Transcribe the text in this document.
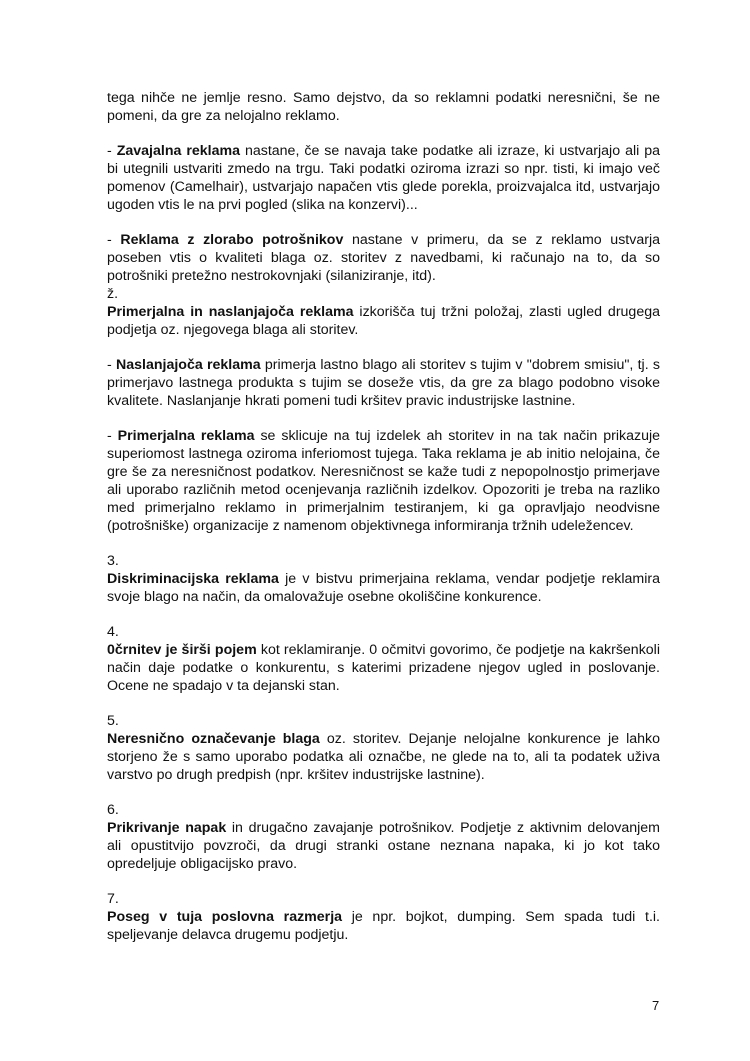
tega nihče ne jemlje resno. Samo dejstvo, da so reklamni podatki neresnični, še ne pomeni, da gre za nelojalno reklamo.

- Zavajalna reklama nastane, če se navaja take podatke ali izraze, ki ustvarjajo ali pa bi utegnili ustvariti zmedo na trgu. Taki podatki oziroma izrazi so npr. tisti, ki imajo več pomenov (Camelhair), ustvarjajo napačen vtis glede porekla, proizvajalca itd, ustvarjajo ugoden vtis le na prvi pogled (slika na konzervi)...

- Reklama z zlorabo potrošnikov nastane v primeru, da se z reklamo ustvarja poseben vtis o kvaliteti blaga oz. storitev z navedbami, ki računajo na to, da so potrošniki pretežno nestrokovnjaki (silaniziranje, itd).

ž.
Primerjalna in naslanjajoča reklama izkorišča tuj tržni položaj, zlasti ugled drugega podjetja oz. njegovega blaga ali storitev.

- Naslanjajoča reklama primerja lastno blago ali storitev s tujim v "dobrem smisiu", tj. s primerjavo lastnega produkta s tujim se doseže vtis, da gre za blago podobno visoke kvalitete. Naslanjanje hkrati pomeni tudi kršitev pravic industrijske lastnine.

- Primerjalna reklama se sklicuje na tuj izdelek ah storitev in na tak način prikazuje superiomost lastnega oziroma inferiomost tujega. Taka reklama je ab initio nelojaina, če gre še za neresničnost podatkov. Neresničnost se kaže tudi z nepopolnostjo primerjave ali uporabo različnih metod ocenjevanja različnih izdelkov. Opozoriti je treba na razliko med primerjalno reklamo in primerjalnim testiranjem, ki ga opravljajo neodvisne (potrošniške) organizacije z namenom objektivnega informiranja tržnih udeležencev.

3.
Diskriminacijska reklama je v bistvu primerjaina reklama, vendar podjetje reklamira svoje blago na način, da omalovažuje osebne okoliščine konkurence.

4.
0črnitev je širši pojem kot reklamiranje. 0 očmitvi govorimo, če podjetje na kakršenkoli način daje podatke o konkurentu, s katerimi prizadene njegov ugled in poslovanje. Ocene ne spadajo v ta dejanski stan.

5.
Neresnično označevanje blaga oz. storitev. Dejanje nelojalne konkurence je lahko storjeno že s samo uporabo podatka ali označbe, ne glede na to, ali ta podatek uživa varstvo po drugh predpish (npr. kršitev industrijske lastnine).

6.
Prikrivanje napak in drugačno zavajanje potrošnikov. Podjetje z aktivnim delovanjem ali opustitvijo povzroči, da drugi stranki ostane neznana napaka, ki jo kot tako opredeljuje obligacijsko pravo.

7.
Poseg v tuja poslovna razmerja je npr. bojkot, dumping. Sem spada tudi t.i. speljevanje delavca drugemu podjetju.

7
